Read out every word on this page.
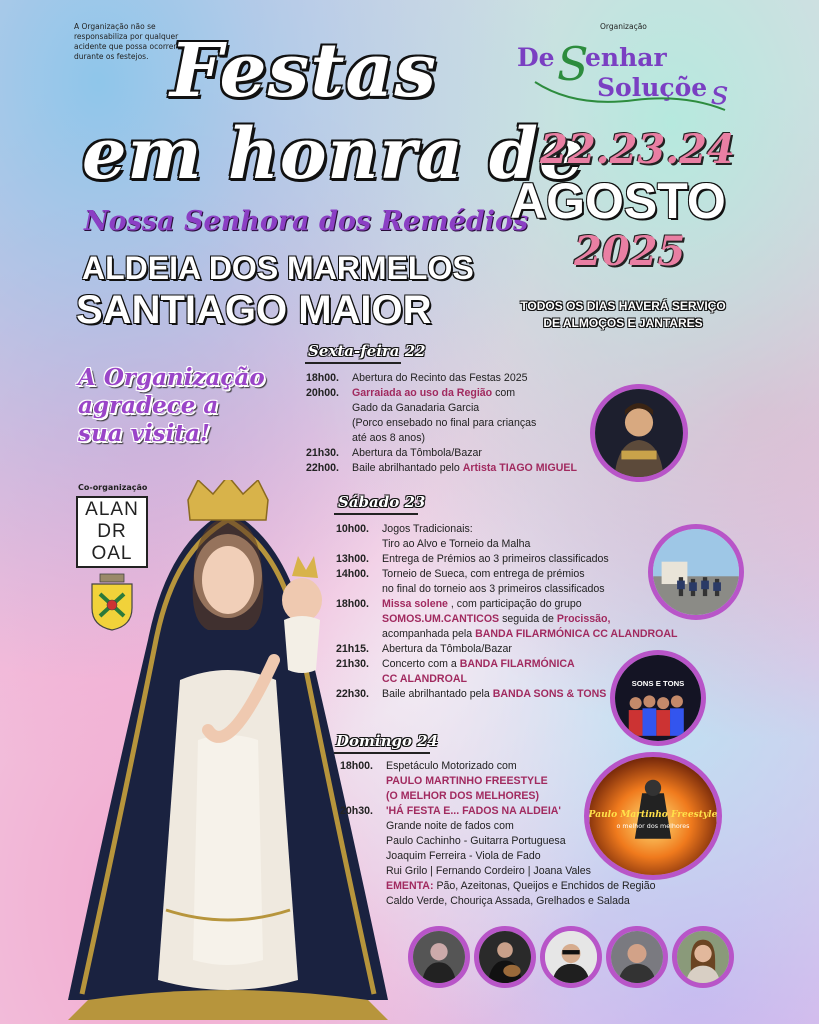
A Organização não se responsabiliza por qualquer acidente que possa ocorrer durante os festejos.
Organização
De S
enhar
Soluçõe s
Festas
em honra de
Nossa Senhora dos Remédios
ALDEIA DOS MARMELOS
SANTIAGO MAIOR
22.23.24
AGOSTO
2025
TODOS OS DIAS HAVERÁ SERVIÇO
DE ALMOÇOS E JANTARES
A Organização
agradece a
sua visita!
Co-organização
ALAN
DR
OAL
Sexta-feira 22
18h00. Abertura do Recinto das Festas 2025
20h00. Garraiada ao uso da Região com
Gado da Ganadaria Garcia
(Porco ensebado no final para crianças
até aos 8 anos)
21h30. Abertura da Tômbola/Bazar
22h00. Baile abrilhantado pelo Artista TIAGO MIGUEL
Sábado 23
10h00. Jogos Tradicionais:
Tiro ao Alvo e Torneio da Malha
13h00. Entrega de Prémios ao 3 primeiros classificados
14h00. Torneio de Sueca, com entrega de prémios
no final do torneio aos 3 primeiros classificados
18h00. Missa solene , com participação do grupo
SOMOS.UM.CANTICOS seguida de Procissão,
acompanhada pela BANDA FILARMÓNICA CC ALANDROAL
21h15. Abertura da Tômbola/Bazar
21h30. Concerto com a BANDA FILARMÓNICA
CC ALANDROAL
22h30. Baile abrilhantado pela BANDA SONS & TONS
Domingo 24
18h00. Espetáculo Motorizado com
PAULO MARTINHO FREESTYLE
(O MELHOR DOS MELHORES)
20h30. 'HÁ FESTA E... FADOS NA ALDEIA'
Grande noite de fados com
Paulo Cachinho - Guitarra Portuguesa
Joaquim Ferreira - Viola de Fado
Rui Grilo | Fernando Cordeiro | Joana Vales
EMENTA: Pão, Azeitonas, Queijos e Enchidos de Região
Caldo Verde, Chouriça Assada, Grelhados e Salada
SONS E TONS
Paulo Martinho Freestyle
o melhor dos melhores
